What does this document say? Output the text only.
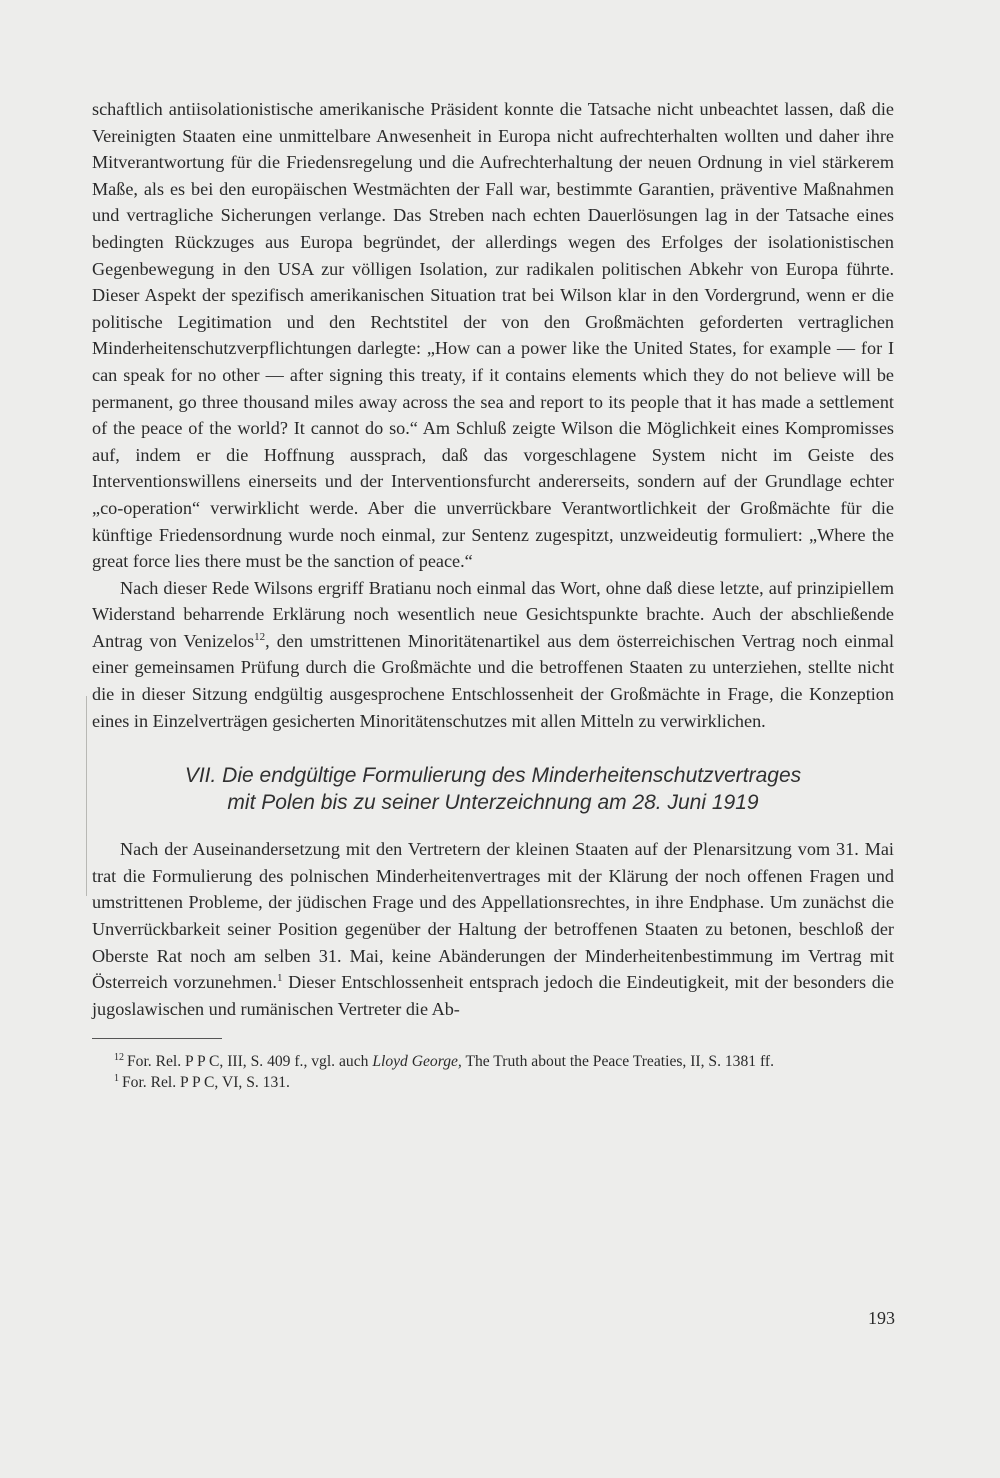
schaftlich antiisolationistische amerikanische Präsident konnte die Tatsache nicht unbeachtet lassen, daß die Vereinigten Staaten eine unmittelbare Anwesenheit in Europa nicht aufrechterhalten wollten und daher ihre Mitverantwortung für die Friedensregelung und die Aufrechterhaltung der neuen Ordnung in viel stärkerem Maße, als es bei den europäischen Westmächten der Fall war, bestimmte Garantien, präventive Maßnahmen und vertragliche Sicherungen verlange. Das Streben nach echten Dauerlösungen lag in der Tatsache eines bedingten Rückzuges aus Europa begründet, der allerdings wegen des Erfolges der isolationistischen Gegenbewegung in den USA zur völligen Isolation, zur radikalen politischen Abkehr von Europa führte. Dieser Aspekt der spezifisch amerikanischen Situation trat bei Wilson klar in den Vordergrund, wenn er die politische Legitimation und den Rechtstitel der von den Großmächten geforderten vertraglichen Minderheitenschutzverpflichtungen darlegte: „How can a power like the United States, for example — for I can speak for no other — after signing this treaty, if it contains elements which they do not believe will be permanent, go three thousand miles away across the sea and report to its people that it has made a settlement of the peace of the world? It cannot do so.“ Am Schluß zeigte Wilson die Möglichkeit eines Kompromisses auf, indem er die Hoffnung aussprach, daß das vorgeschlagene System nicht im Geiste des Interventionswillens einerseits und der Interventionsfurcht andererseits, sondern auf der Grundlage echter „co-operation“ verwirklicht werde. Aber die unverrückbare Verantwortlichkeit der Großmächte für die künftige Friedensordnung wurde noch einmal, zur Sentenz zugespitzt, unzweideutig formuliert: „Where the great force lies there must be the sanction of peace.“

Nach dieser Rede Wilsons ergriff Bratianu noch einmal das Wort, ohne daß diese letzte, auf prinzipiellem Widerstand beharrende Erklärung noch wesentlich neue Gesichtspunkte brachte. Auch der abschließende Antrag von Venizelos$^{12}$, den umstrittenen Minoritätenartikel aus dem österreichischen Vertrag noch einmal einer gemeinsamen Prüfung durch die Großmächte und die betroffenen Staaten zu unterziehen, stellte nicht die in dieser Sitzung endgültig ausgesprochene Entschlossenheit der Großmächte in Frage, die Konzeption eines in Einzelverträgen gesicherten Minoritätenschutzes mit allen Mitteln zu verwirklichen.

VII. Die endgültige Formulierung des Minderheitenschutzvertrages

mit Polen bis zu seiner Unterzeichnung am 28. Juni 1919

Nach der Auseinandersetzung mit den Vertretern der kleinen Staaten auf der Plenarsitzung vom 31. Mai trat die Formulierung des polnischen Minderheitenvertrages mit der Klärung der noch offenen Fragen und umstrittenen Probleme, der jüdischen Frage und des Appellationsrechtes, in ihre Endphase. Um zunächst die Unverrückbarkeit seiner Position gegenüber der Haltung der betroffenen Staaten zu betonen, beschloß der Oberste Rat noch am selben 31. Mai, keine Abänderungen der Minderheitenbestimmung im Vertrag mit Österreich vorzunehmen.$^1$ Dieser Entschlossenheit entsprach jedoch die Eindeutigkeit, mit der besonders die jugoslawischen und rumänischen Vertreter die Ab-

$^{12}$ For. Rel. P P C, III, S. 409 f., vgl. auch Lloyd George, The Truth about the Peace Treaties, II, S. 1381 ff.

$^1$ For. Rel. P P C, VI, S. 131.

193
